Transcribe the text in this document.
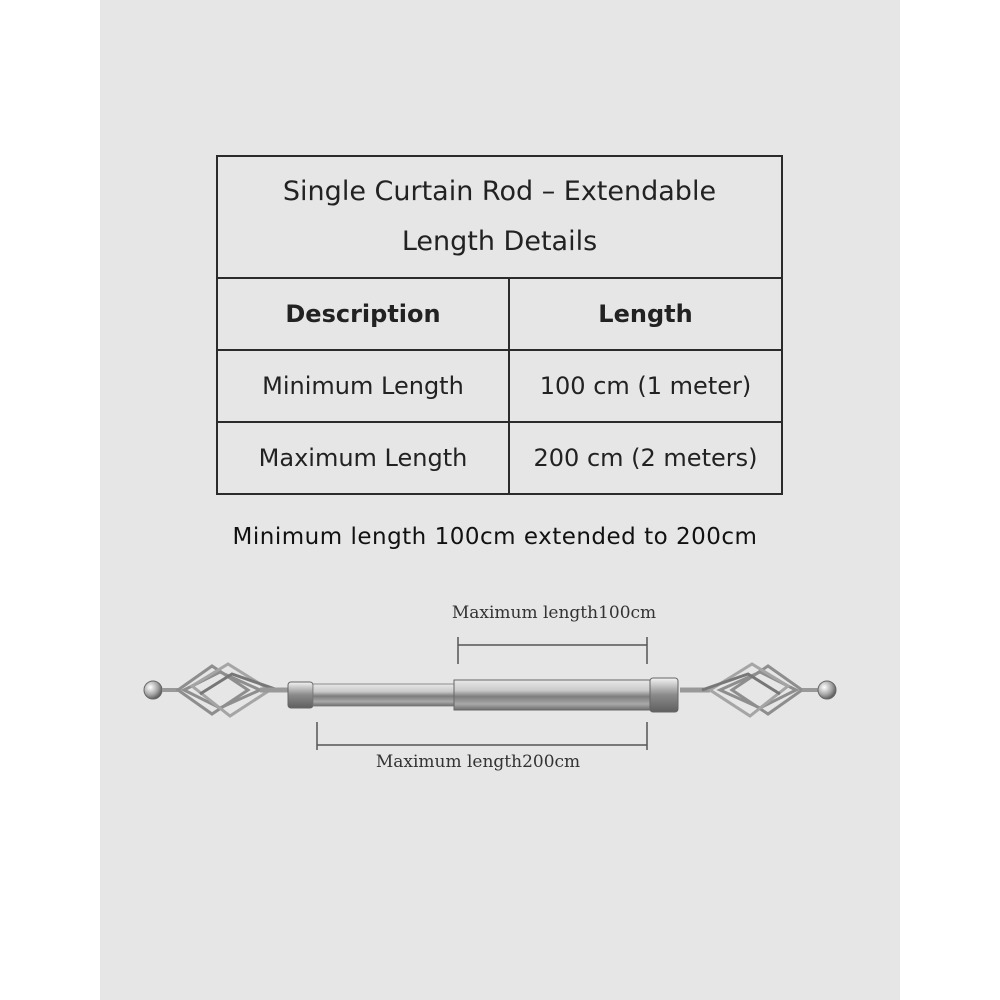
Single Curtain Rod – Extendable
Length Details	

Description	Length
Minimum Length	100 cm (1 meter)
Maximum Length	200 cm (2 meters)
Minimum length 100cm extended to 200cm
Maximum length100cm
Maximum length200cm
